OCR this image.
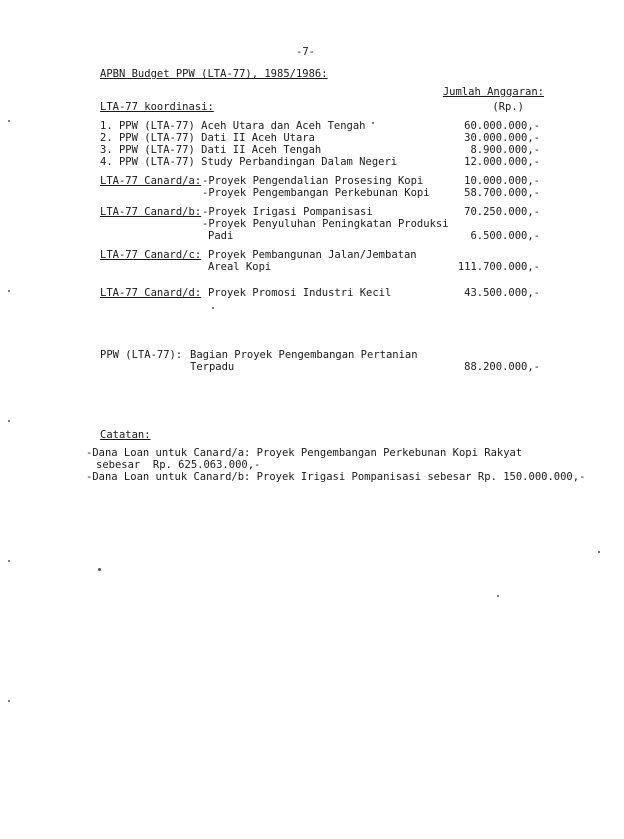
-7-
APBN Budget PPW (LTA-77), 1985/1986:
Jumlah Anggaran:
(Rp.)
LTA-77 koordinasi:
1. PPW (LTA-77) Aceh Utara dan Aceh Tengah	60.000.000,-
2. PPW (LTA-77) Dati II Aceh Utara	30.000.000,-
3. PPW (LTA-77) Dati II Aceh Tengah	8.900.000,-
4. PPW (LTA-77) Study Perbandingan Dalam Negeri	12.000.000,-
LTA-77 Canard/a: -Proyek Pengendalian Prosesing Kopi	10.000.000,-
-Proyek Pengembangan Perkebunan Kopi	58.700.000,-
LTA-77 Canard/b: -Proyek Irigasi Pompanisasi	70.250.000,-
-Proyek Penyuluhan Peningkatan Produksi
Padi	6.500.000,-
LTA-77 Canard/c: Proyek Pembangunan Jalan/Jembatan
Areal Kopi	111.700.000,-
LTA-77 Canard/d: Proyek Promosi Industri Kecil	43.500.000,-
PPW (LTA-77): Bagian Proyek Pengembangan Pertanian
Terpadu	88.200.000,-
Catatan:
-Dana Loan untuk Canard/a: Proyek Pengembangan Perkebunan Kopi Rakyat
sebesar  Rp. 625.063.000,-
-Dana Loan untuk Canard/b: Proyek Irigasi Pompanisasi sebesar Rp. 150.000.000,-
